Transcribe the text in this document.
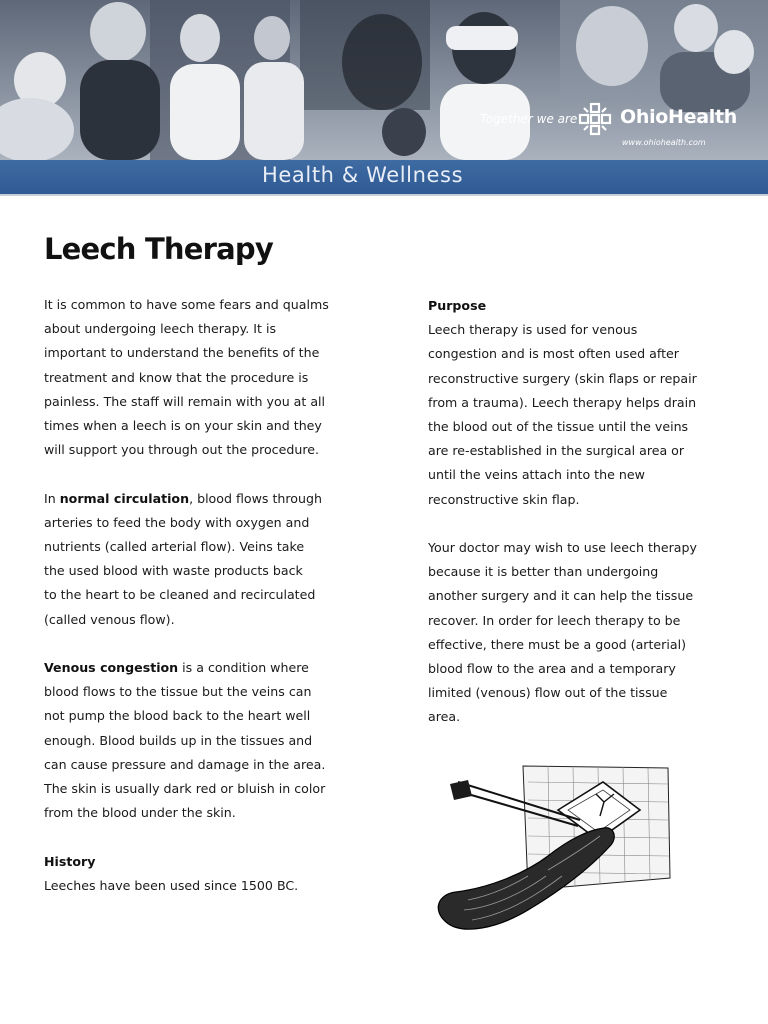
Together we are OhioHealth
www.ohiohealth.com
Health & Wellness
Leech Therapy

It is common to have some fears and qualms
about undergoing leech therapy. It is
important to understand the benefits of the
treatment and know that the procedure is
painless. The staff will remain with you at all
times when a leech is on your skin and they
will support you through out the procedure.

In normal circulation, blood flows through
arteries to feed the body with oxygen and
nutrients (called arterial flow). Veins take
the used blood with waste products back
to the heart to be cleaned and recirculated
(called venous flow).

Venous congestion is a condition where
blood flows to the tissue but the veins can
not pump the blood back to the heart well
enough. Blood builds up in the tissues and
can cause pressure and damage in the area.
The skin is usually dark red or bluish in color
from the blood under the skin.

History

Leeches have been used since 1500 BC.

Purpose

Leech therapy is used for venous
congestion and is most often used after
reconstructive surgery (skin flaps or repair
from a trauma). Leech therapy helps drain
the blood out of the tissue until the veins
are re-established in the surgical area or
until the veins attach into the new
reconstructive skin flap.

Your doctor may wish to use leech therapy
because it is better than undergoing
another surgery and it can help the tissue
recover. In order for leech therapy to be
effective, there must be a good (arterial)
blood flow to the area and a temporary
limited (venous) flow out of the tissue
area.
